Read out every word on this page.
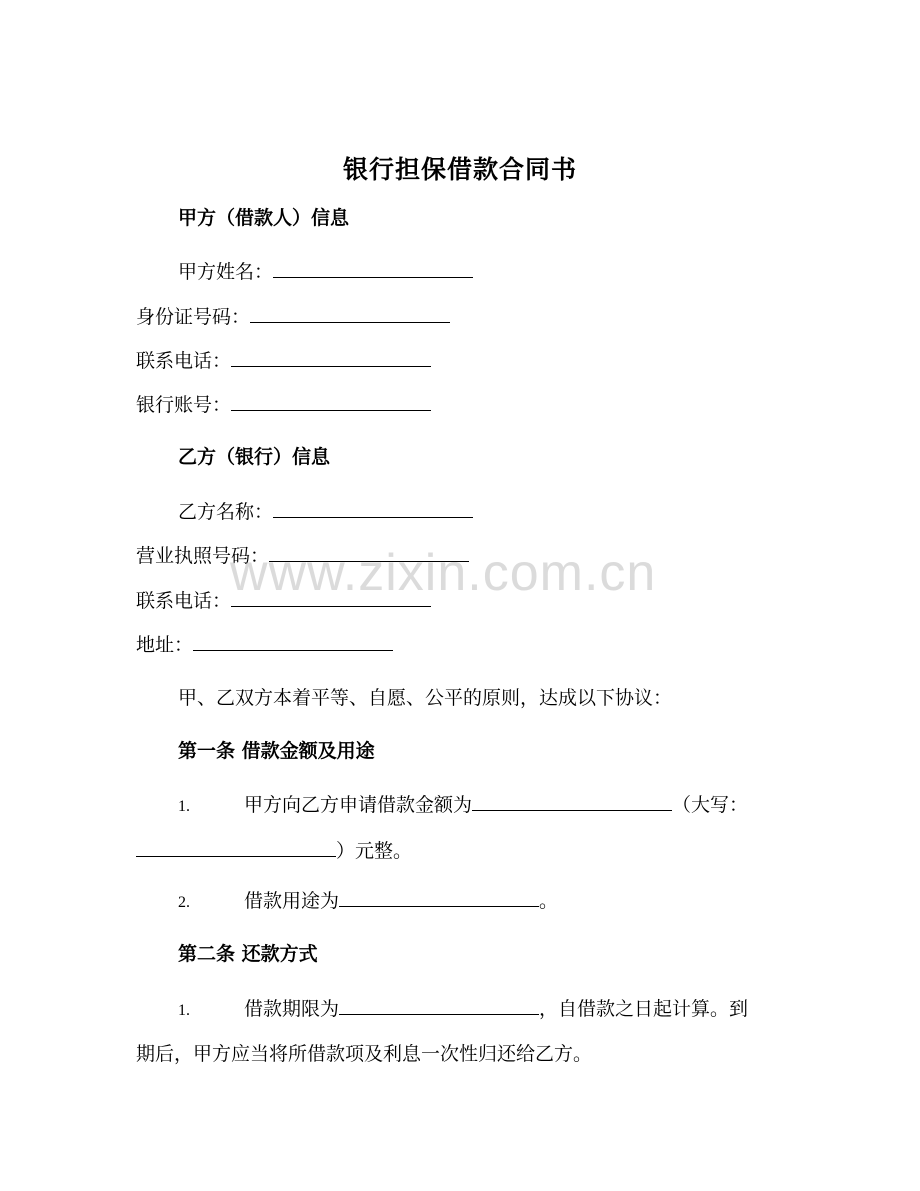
银行担保借款合同书
甲方（借款人）信息
甲方姓名：
身份证号码：
联系电话：
银行账号：
乙方（银行）信息
乙方名称：
营业执照号码：
联系电话：
地址：
甲、乙双方本着平等、自愿、公平的原则，达成以下协议：
第一条 借款金额及用途
1.	甲方向乙方申请借款金额为	（大写：
）元整。
2.	借款用途为	。
第二条 还款方式
1.	借款期限为	，自借款之日起计算。到
期后，甲方应当将所借款项及利息一次性归还给乙方。
www.zixin.com.cn
